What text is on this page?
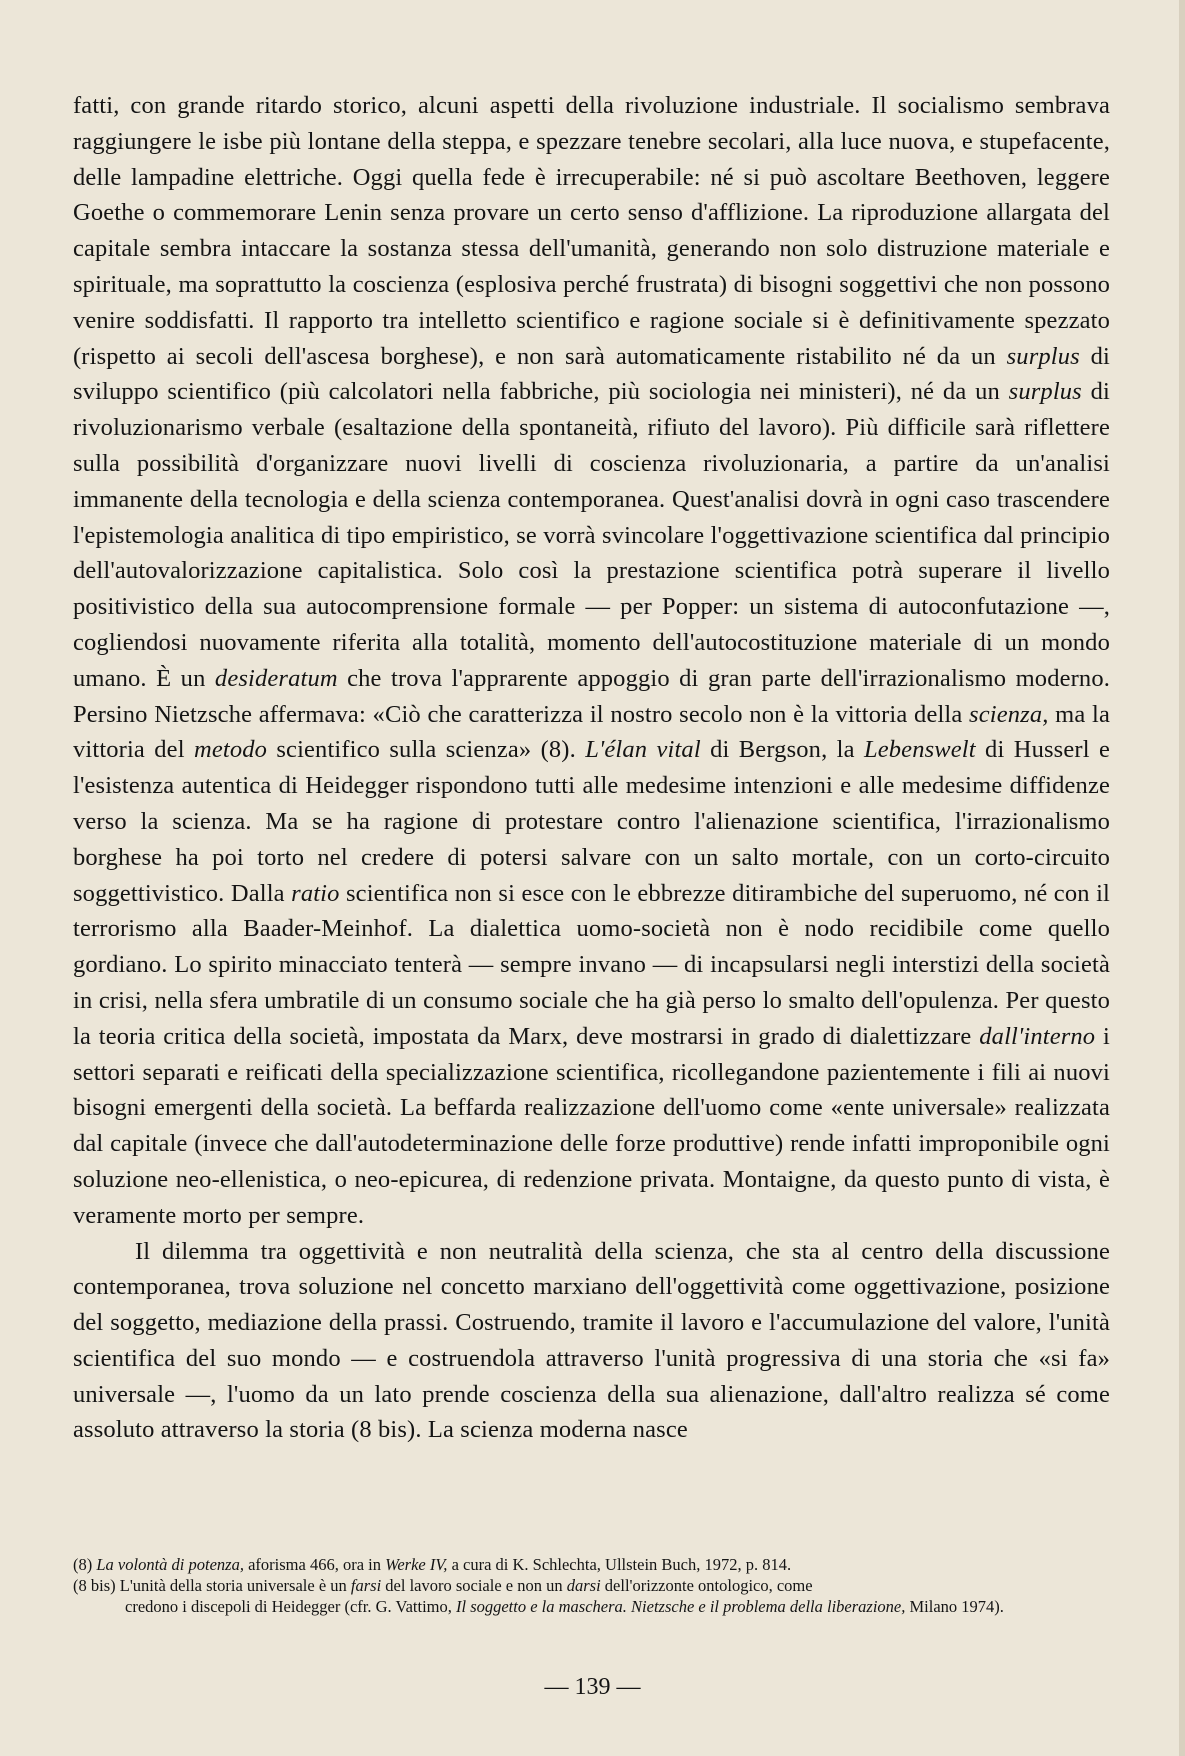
fatti, con grande ritardo storico, alcuni aspetti della rivoluzione industriale. Il socialismo sembrava raggiungere le isbe più lontane della steppa, e spezzare tenebre secolari, alla luce nuova, e stupefacente, delle lampadine elettriche. Oggi quella fede è irrecuperabile: né si può ascoltare Beethoven, leggere Goethe o commemorare Lenin senza provare un certo senso d'afflizione. La riproduzione allargata del capitale sembra intaccare la sostanza stessa dell'umanità, generando non solo distruzione materiale e spirituale, ma soprattutto la coscienza (esplosiva perché frustrata) di bisogni soggettivi che non possono venire soddisfatti. Il rapporto tra intelletto scientifico e ragione sociale si è definitivamente spezzato (rispetto ai secoli dell'ascesa borghese), e non sarà automaticamente ristabilito né da un surplus di sviluppo scientifico (più calcolatori nella fabbriche, più sociologia nei ministeri), né da un surplus di rivoluzionarismo verbale (esaltazione della spontaneità, rifiuto del lavoro). Più difficile sarà riflettere sulla possibilità d'organizzare nuovi livelli di coscienza rivoluzionaria, a partire da un'analisi immanente della tecnologia e della scienza contemporanea. Quest'analisi dovrà in ogni caso trascendere l'epistemologia analitica di tipo empiristico, se vorrà svincolare l'oggettivazione scientifica dal principio dell'autovalorizzazione capitalistica. Solo così la prestazione scientifica potrà superare il livello positivistico della sua autocomprensione formale — per Popper: un sistema di autoconfutazione —, cogliendosi nuovamente riferita alla totalità, momento dell'autocostituzione materiale di un mondo umano. È un desideratum che trova l'apprarente appoggio di gran parte dell'irrazionalismo moderno. Persino Nietzsche affermava: «Ciò che caratterizza il nostro secolo non è la vittoria della scienza, ma la vittoria del metodo scientifico sulla scienza» (8). L'élan vital di Bergson, la Lebenswelt di Husserl e l'esistenza autentica di Heidegger rispondono tutti alle medesime intenzioni e alle medesime diffidenze verso la scienza. Ma se ha ragione di protestare contro l'alienazione scientifica, l'irrazionalismo borghese ha poi torto nel credere di potersi salvare con un salto mortale, con un corto-circuito soggettivistico. Dalla ratio scientifica non si esce con le ebbrezze ditirambiche del superuomo, né con il terrorismo alla Baader-Meinhof. La dialettica uomo-società non è nodo recidibile come quello gordiano. Lo spirito minacciato tenterà — sempre invano — di incapsularsi negli interstizi della società in crisi, nella sfera umbratile di un consumo sociale che ha già perso lo smalto dell'opulenza. Per questo la teoria critica della società, impostata da Marx, deve mostrarsi in grado di dialettizzare dall'interno i settori separati e reificati della specializzazione scientifica, ricollegandone pazientemente i fili ai nuovi bisogni emergenti della società. La beffarda realizzazione dell'uomo come «ente universale» realizzata dal capitale (invece che dall'autodeterminazione delle forze produttive) rende infatti improponibile ogni soluzione neo-ellenistica, o neo-epicurea, di redenzione privata. Montaigne, da questo punto di vista, è veramente morto per sempre.

Il dilemma tra oggettività e non neutralità della scienza, che sta al centro della discussione contemporanea, trova soluzione nel concetto marxiano dell'oggettività come oggettivazione, posizione del soggetto, mediazione della prassi. Costruendo, tramite il lavoro e l'accumulazione del valore, l'unità scientifica del suo mondo — e costruendola attraverso l'unità progressiva di una storia che «si fa» universale —, l'uomo da un lato prende coscienza della sua alienazione, dall'altro realizza sé come assoluto attraverso la storia (8 bis). La scienza moderna nasce

(8) La volontà di potenza, aforisma 466, ora in Werke IV, a cura di K. Schlechta, Ullstein Buch, 1972, p. 814.

(8 bis) L'unità della storia universale è un farsi del lavoro sociale e non un darsi dell'orizzonte ontologico, come

credono i discepoli di Heidegger (cfr. G. Vattimo, Il soggetto e la maschera. Nietzsche e il problema della liberazione, Milano 1974).

— 139 —
